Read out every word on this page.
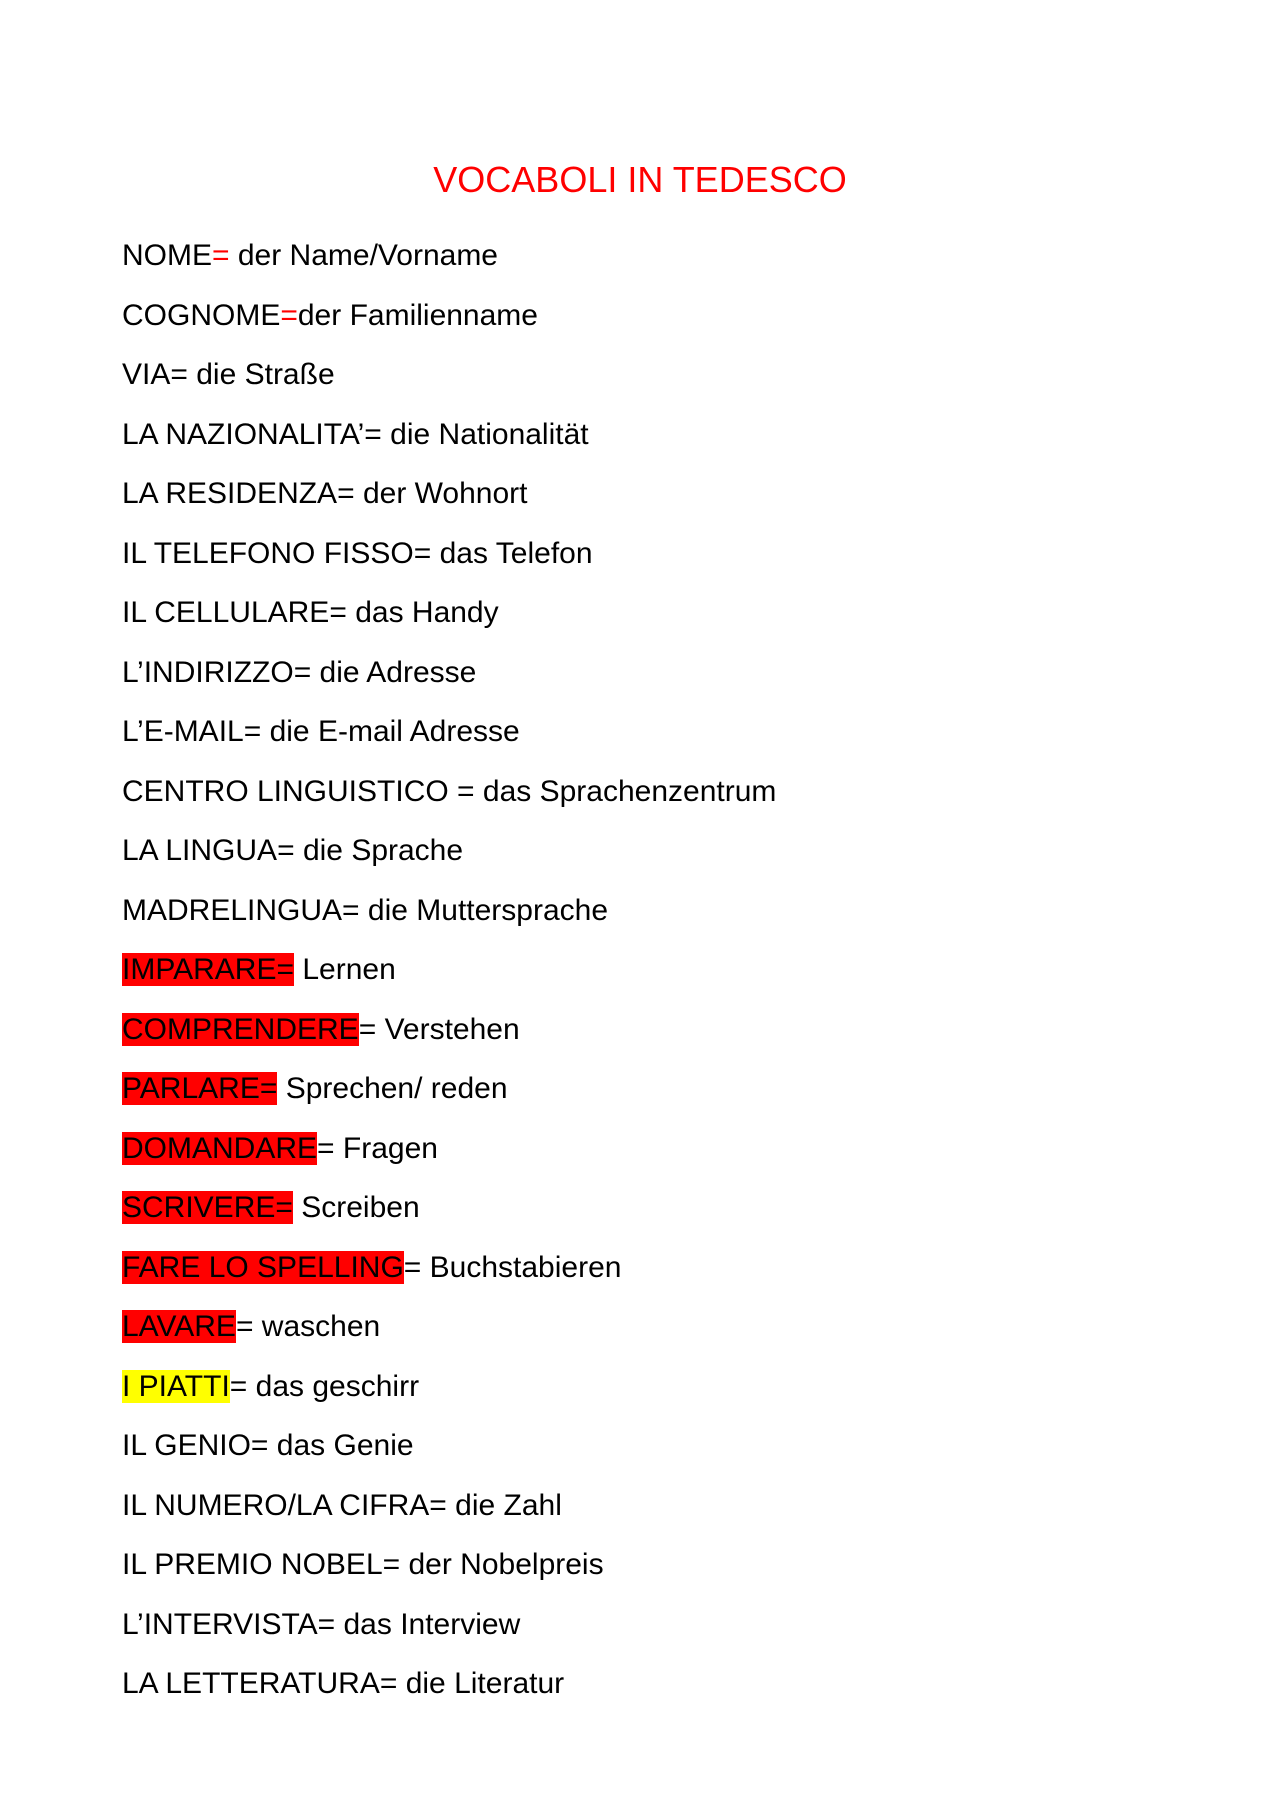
VOCABOLI IN TEDESCO
NOME= der Name/Vorname
COGNOME=der Familienname
VIA= die Straße
LA NAZIONALITA’= die Nationalität
LA RESIDENZA= der Wohnort
IL TELEFONO FISSO= das Telefon
IL CELLULARE= das Handy
L’INDIRIZZO= die Adresse
L’E-MAIL= die E-mail Adresse
CENTRO LINGUISTICO = das Sprachenzentrum
LA LINGUA= die Sprache
MADRELINGUA= die Muttersprache
IMPARARE= Lernen
COMPRENDERE= Verstehen
PARLARE= Sprechen/ reden
DOMANDARE= Fragen
SCRIVERE= Screiben
FARE LO SPELLING= Buchstabieren
LAVARE= waschen
I PIATTI= das geschirr
IL GENIO= das Genie
IL NUMERO/LA CIFRA= die Zahl
IL PREMIO NOBEL= der Nobelpreis
L’INTERVISTA= das Interview
LA LETTERATURA= die Literatur
